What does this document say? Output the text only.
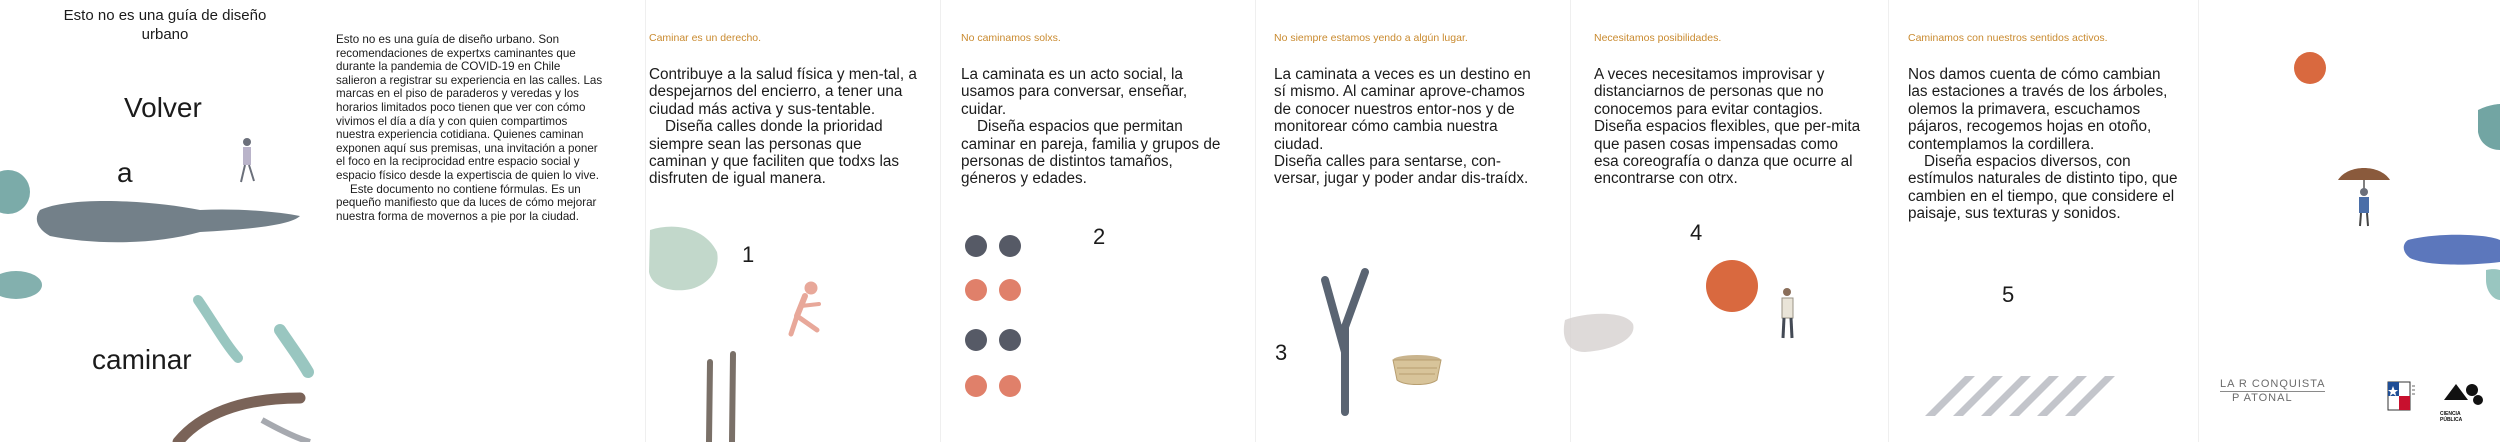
Esto no es una guía de diseño urbano
Volver
a
caminar

Esto no es una guía de diseño urbano. Son recomendaciones de expertxs caminantes que durante la pandemia de COVID-19 en Chile salieron a registrar su experiencia en las calles. Las marcas en el piso de paraderos y veredas y los horarios limitados poco tienen que ver con cómo vivimos el día a día y con quien compartimos nuestra experiencia cotidiana. Quienes caminan exponen aquí sus premisas, una invitación a poner el foco en la reciprocidad entre espacio social y espacio físico desde la expertiscia de quien lo vive.

Este documento no contiene fórmulas. Es un pequeño manifiesto que da luces de cómo mejorar nuestra forma de movernos a pie por la ciudad.

Caminar es un derecho.

Contribuye a la salud física y men-tal, a despejarnos del encierro, a tener una ciudad más activa y sus-tentable.

Diseña calles donde la prioridad siempre sean las personas que caminan y que faciliten que todxs las disfruten de igual manera.

1
No caminamos solxs.

La caminata es un acto social, la usamos para conversar, enseñar, cuidar.

Diseña espacios que permitan caminar en pareja, familia y grupos de personas de distintos tamaños, géneros y edades.

2
No siempre estamos yendo a algún lugar.

La caminata a veces es un destino en sí mismo. Al caminar aprove-chamos de conocer nuestros entor-nos y de monitorear cómo cambia nuestra ciudad.

Diseña calles para sentarse, con-versar, jugar y poder andar dis-traídx.

3
Necesitamos posibilidades.

A veces necesitamos improvisar y distanciarnos de personas que no conocemos para evitar contagios.

Diseña espacios flexibles, que per-mita que pasen cosas impensadas como esa coreografía o danza que ocurre al encontrarse con otrx.

4
Caminamos con nuestros sentidos activos.

Nos damos cuenta de cómo cambian las estaciones a través de los árboles, olemos la primavera, escuchamos pájaros, recogemos hojas en otoño, contemplamos la cordillera.

Diseña espacios diversos, con estímulos naturales de distinto tipo, que cambien en el tiempo, que considere el paisaje, sus texturas y sonidos.

5
LA R CONQUISTA
P ATONAL
CIENCIA PÚBLICA
